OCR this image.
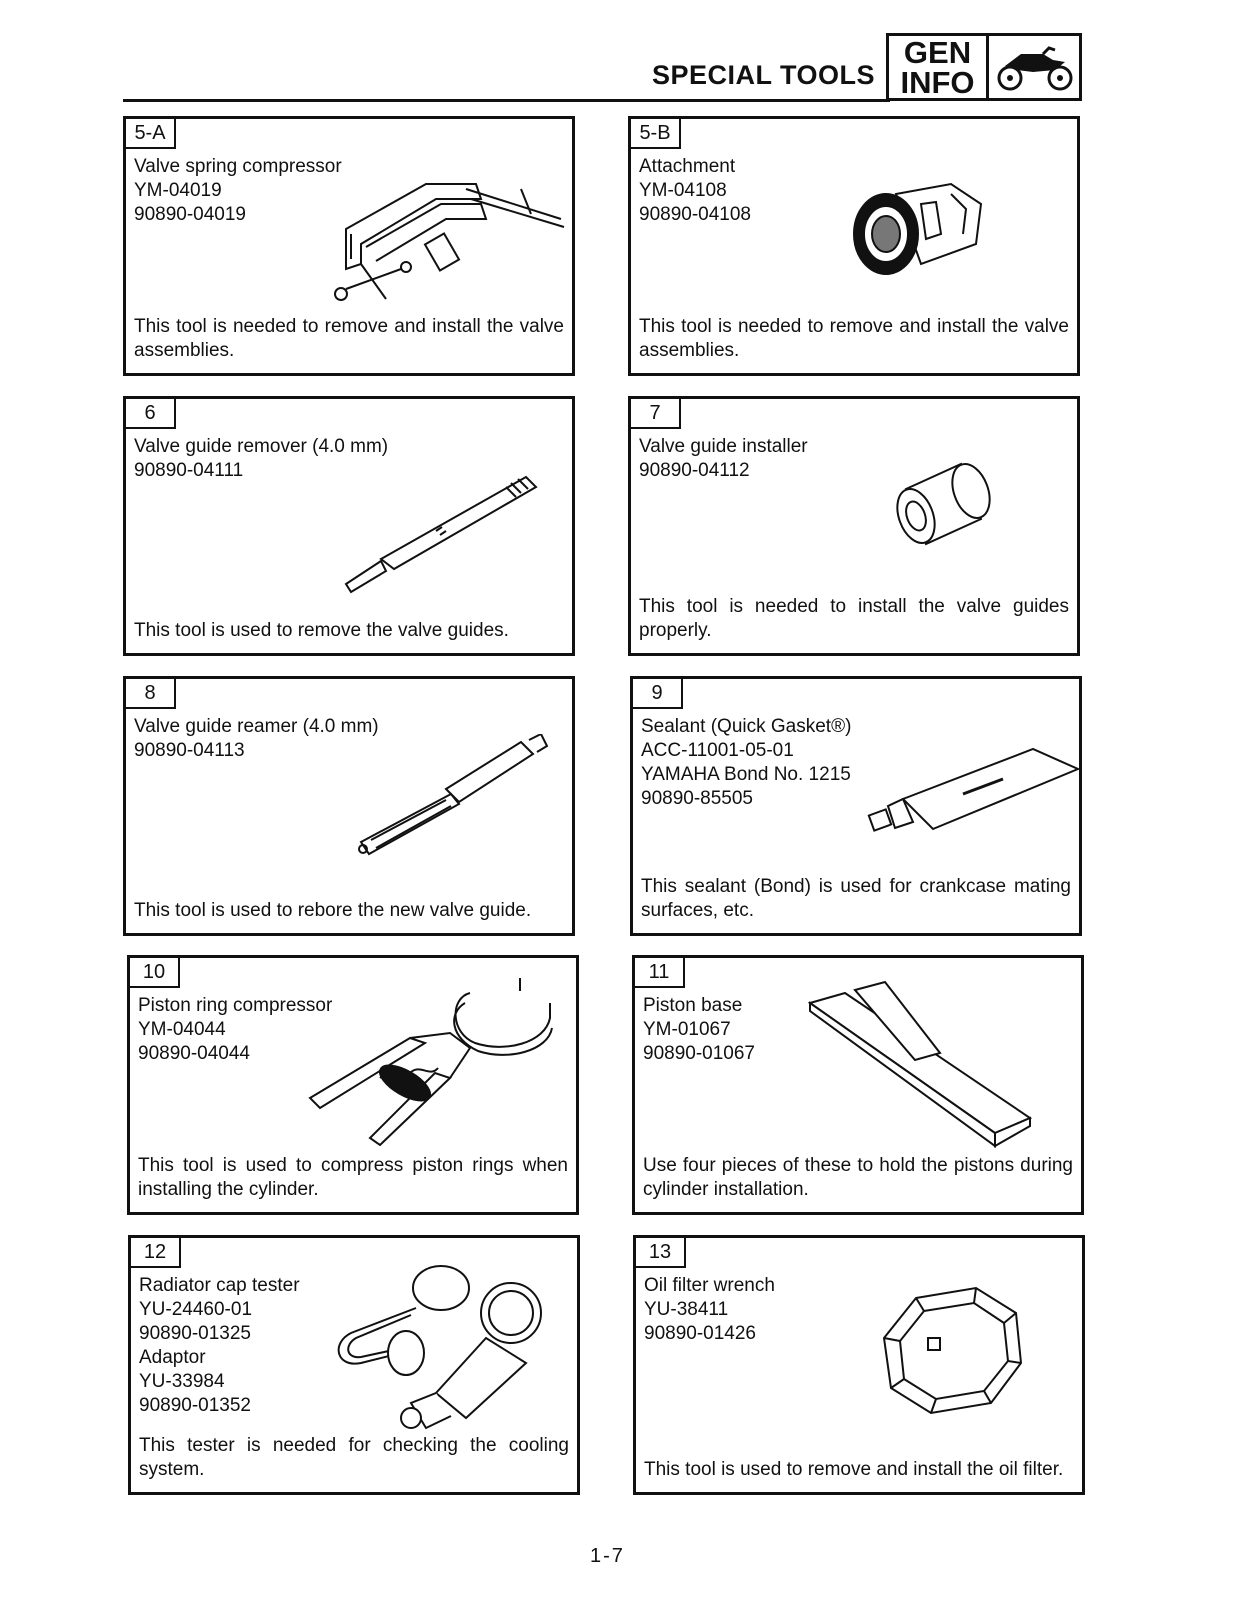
SPECIAL TOOLS
GEN
INFO
5-A
Valve spring compressor
YM-04019
90890-04019
This tool is needed to remove and install the valve assemblies.
5-B
Attachment
YM-04108
90890-04108
This tool is needed to remove and install the valve assemblies.
6
Valve guide remover (4.0 mm)
90890-04111
This tool is used to remove the valve guides.
7
Valve guide installer
90890-04112
This tool is needed to install the valve guides properly.
8
Valve guide reamer (4.0 mm)
90890-04113
This tool is used to rebore the new valve guide.
9
Sealant (Quick Gasket®)
ACC-11001-05-01
YAMAHA Bond No. 1215
90890-85505
This sealant (Bond) is used for crankcase mating surfaces, etc.
10
Piston ring compressor
YM-04044
90890-04044
This tool is used to compress piston rings when installing the cylinder.
11
Piston base
YM-01067
90890-01067
Use four pieces of these to hold the pistons during cylinder installation.
12
Radiator cap tester
YU-24460-01
90890-01325
Adaptor
YU-33984
90890-01352
This tester is needed for checking the cooling system.
13
Oil filter wrench
YU-38411
90890-01426
This tool is used to remove and install the oil filter.
1-7
